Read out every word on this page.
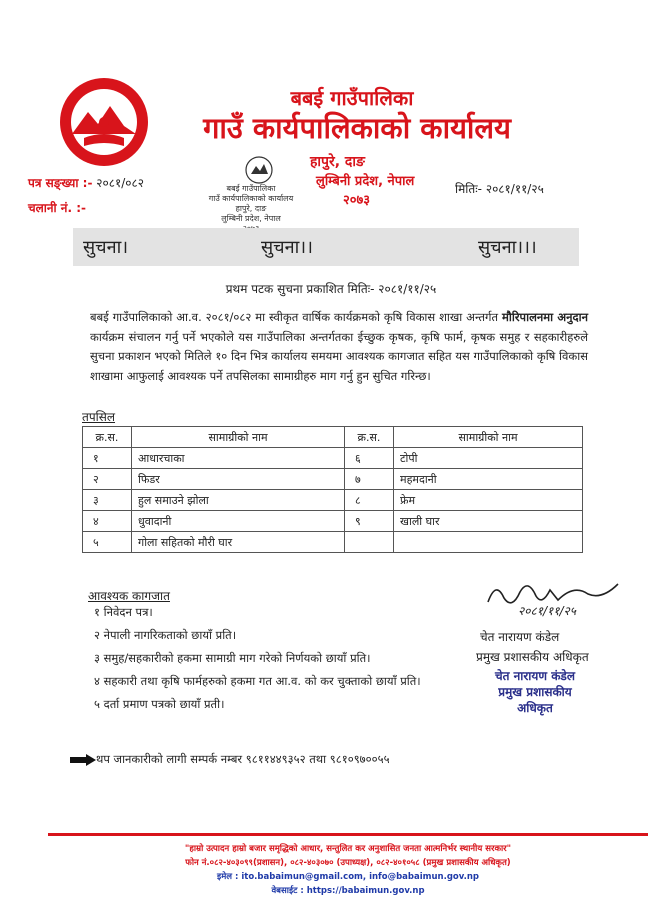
बबई गाउँपालिका
गाउँ कार्यपालिकाको कार्यालय
हापुरे, दाङ
लुम्बिनी प्रदेश, नेपाल
२०७३
पत्र सङ्ख्या :- २०८१/०८२
चलानी नं. :-
मितिः- २०८१/११/२५
बबई गाउँपालिका
गाउँ कार्यपालिकाको कार्यालय
हापुरे, दाङ
लुम्बिनी प्रदेश, नेपाल
सुचना।	सुचना।।	सुचना।।।
प्रथम पटक सुचना प्रकाशित मितिः- २०८१/११/२५
बबई गाउँपालिकाको आ.व. २०८१/०८२ मा स्वीकृत वार्षिक कार्यक्रमको कृषि विकास शाखा अन्तर्गत मौरिपालनमा अनुदान कार्यक्रम संचालन गर्नु पर्ने भएकोले यस गाउँपालिका अन्तर्गतका ईच्छुक कृषक, कृषि फार्म, कृषक समुह र सहकारीहरुले सुचना प्रकाशन भएको मितिले १० दिन भित्र कार्यालय समयमा आवश्यक कागजात सहित यस गाउँपालिकाको कृषि विकास शाखामा आफुलाई आवश्यक पर्ने तपसिलका सामाग्रीहरु माग गर्नु हुन सुचित गरिन्छ।
तपसिल
क्र.स.	सामाग्रीको नाम	क्र.स.	सामाग्रीको नाम
१	आधारचाका	६	टोपी
२	फिडर	७	महमदानी
३	हुल समाउने झोला	८	फ्रेम
४	धुवादानी	९	खाली घार
५	गोला सहितको मौरी घार		
आवश्यक कागजात
१ निवेदन पत्र।
२ नेपाली नागरिकताको छायाँ प्रति।
३ समुह/सहकारीको हकमा सामाग्री माग गरेको निर्णयको छायाँ प्रति।
४ सहकारी तथा कृषि फार्महरुको हकमा गत आ.व. को कर चुक्ताको छायाँ प्रति।
५ दर्ता प्रमाण पत्रको छायाँ प्रती।
२०८१/११/२५
चेत नारायण कंडेल
प्रमुख प्रशासकीय अधिकृत
चेत नारायण कंडेल
प्रमुख प्रशासकीय अधिकृत
थप जानकारीको लागी सम्पर्क नम्बर ९८११४४९३५२ तथा ९८१०९७००५५
"हाम्रो उत्पादन हाम्रो बजार समृद्धिको आधार, सन्तुलित कर अनुशासित जनता आत्मनिर्भर स्थानीय सरकार"
फोन नं.०८२-४०३०९९(प्रशासन), ०८२-४०३०७० (उपाध्यक्ष), ०८२-४०१०५८ (प्रमुख प्रशासकीय अधिकृत)
इमेल : ito.babaimun@gmail.com, info@babaimun.gov.np
वेबसाईट : https://babaimun.gov.np
